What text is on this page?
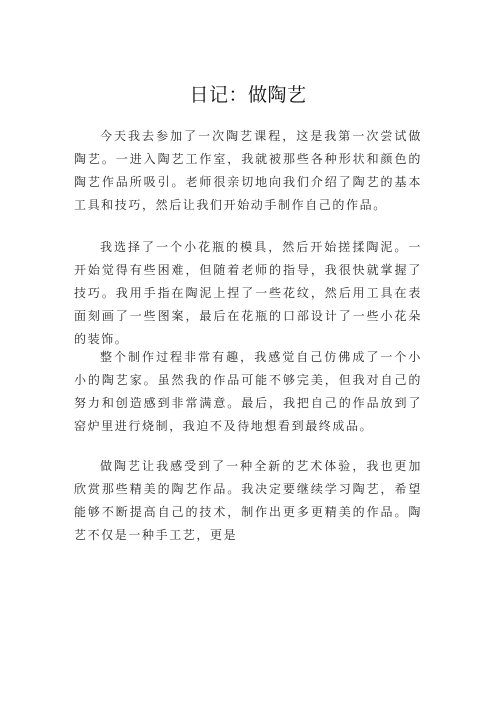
日记：做陶艺

今天我去参加了一次陶艺课程，这是我第一次尝试做陶艺。一进入陶艺工作室，我就被那些各种形状和颜色的陶艺作品所吸引。老师很亲切地向我们介绍了陶艺的基本工具和技巧，然后让我们开始动手制作自己的作品。

我选择了一个小花瓶的模具，然后开始搓揉陶泥。一开始觉得有些困难，但随着老师的指导，我很快就掌握了技巧。我用手指在陶泥上捏了一些花纹，然后用工具在表面刻画了一些图案，最后在花瓶的口部设计了一些小花朵的装饰。

整个制作过程非常有趣，我感觉自己仿佛成了一个小小的陶艺家。虽然我的作品可能不够完美，但我对自己的努力和创造感到非常满意。最后，我把自己的作品放到了窑炉里进行烧制，我迫不及待地想看到最终成品。

做陶艺让我感受到了一种全新的艺术体验，我也更加欣赏那些精美的陶艺作品。我决定要继续学习陶艺，希望能够不断提高自己的技术，制作出更多更精美的作品。陶艺不仅是一种手工艺，更是
